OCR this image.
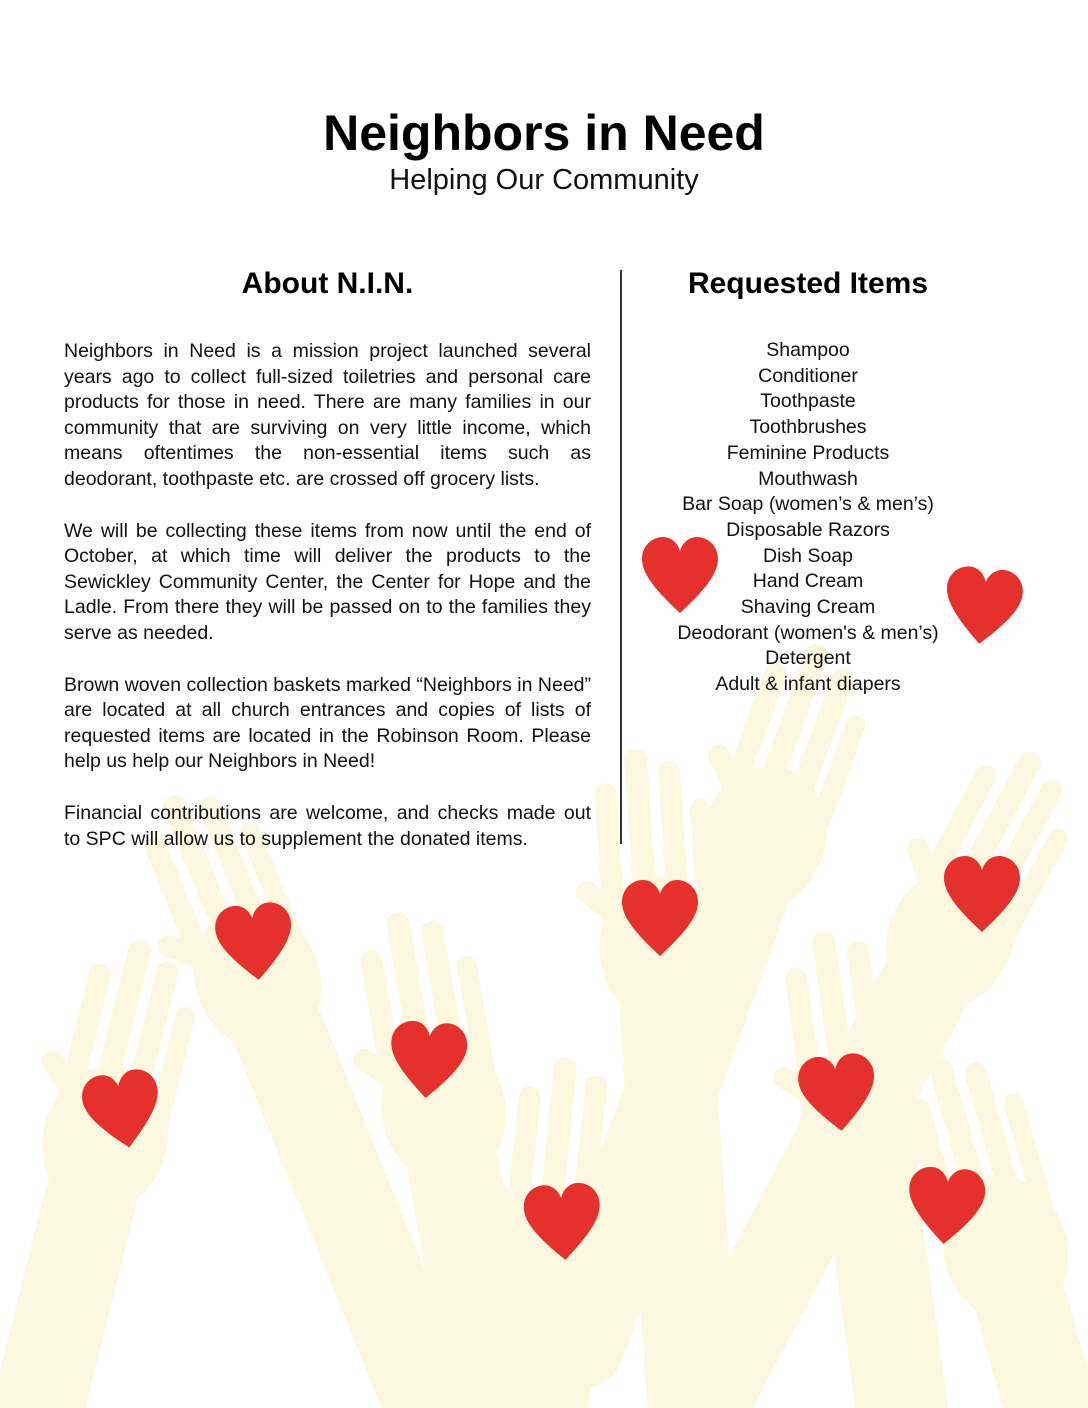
Neighbors in Need
Helping Our Community
About N.I.N.

Neighbors in Need is a mission project launched several years ago to collect full-sized toiletries and personal care products for those in need. There are many families in our community that are surviving on very little income, which means oftentimes the non-essential items such as deodorant, toothpaste etc. are crossed off grocery lists.

We will be collecting these items from now until the end of October, at which time will deliver the products to the Sewickley Community Center, the Center for Hope and the Ladle. From there they will be passed on to the families they serve as needed.

Brown woven collection baskets marked “Neighbors in Need” are located at all church entrances and copies of lists of requested items are located in the Robinson Room. Please help us help our Neighbors in Need!

Financial contributions are welcome, and checks made out to SPC will allow us to supplement the donated items.

Requested Items
Shampoo
Conditioner
Toothpaste
Toothbrushes
Feminine Products
Mouthwash
Bar Soap (women’s & men’s)
Disposable Razors
Dish Soap
Hand Cream
Shaving Cream
Deodorant (women's & men’s)
Detergent
Adult & infant diapers
